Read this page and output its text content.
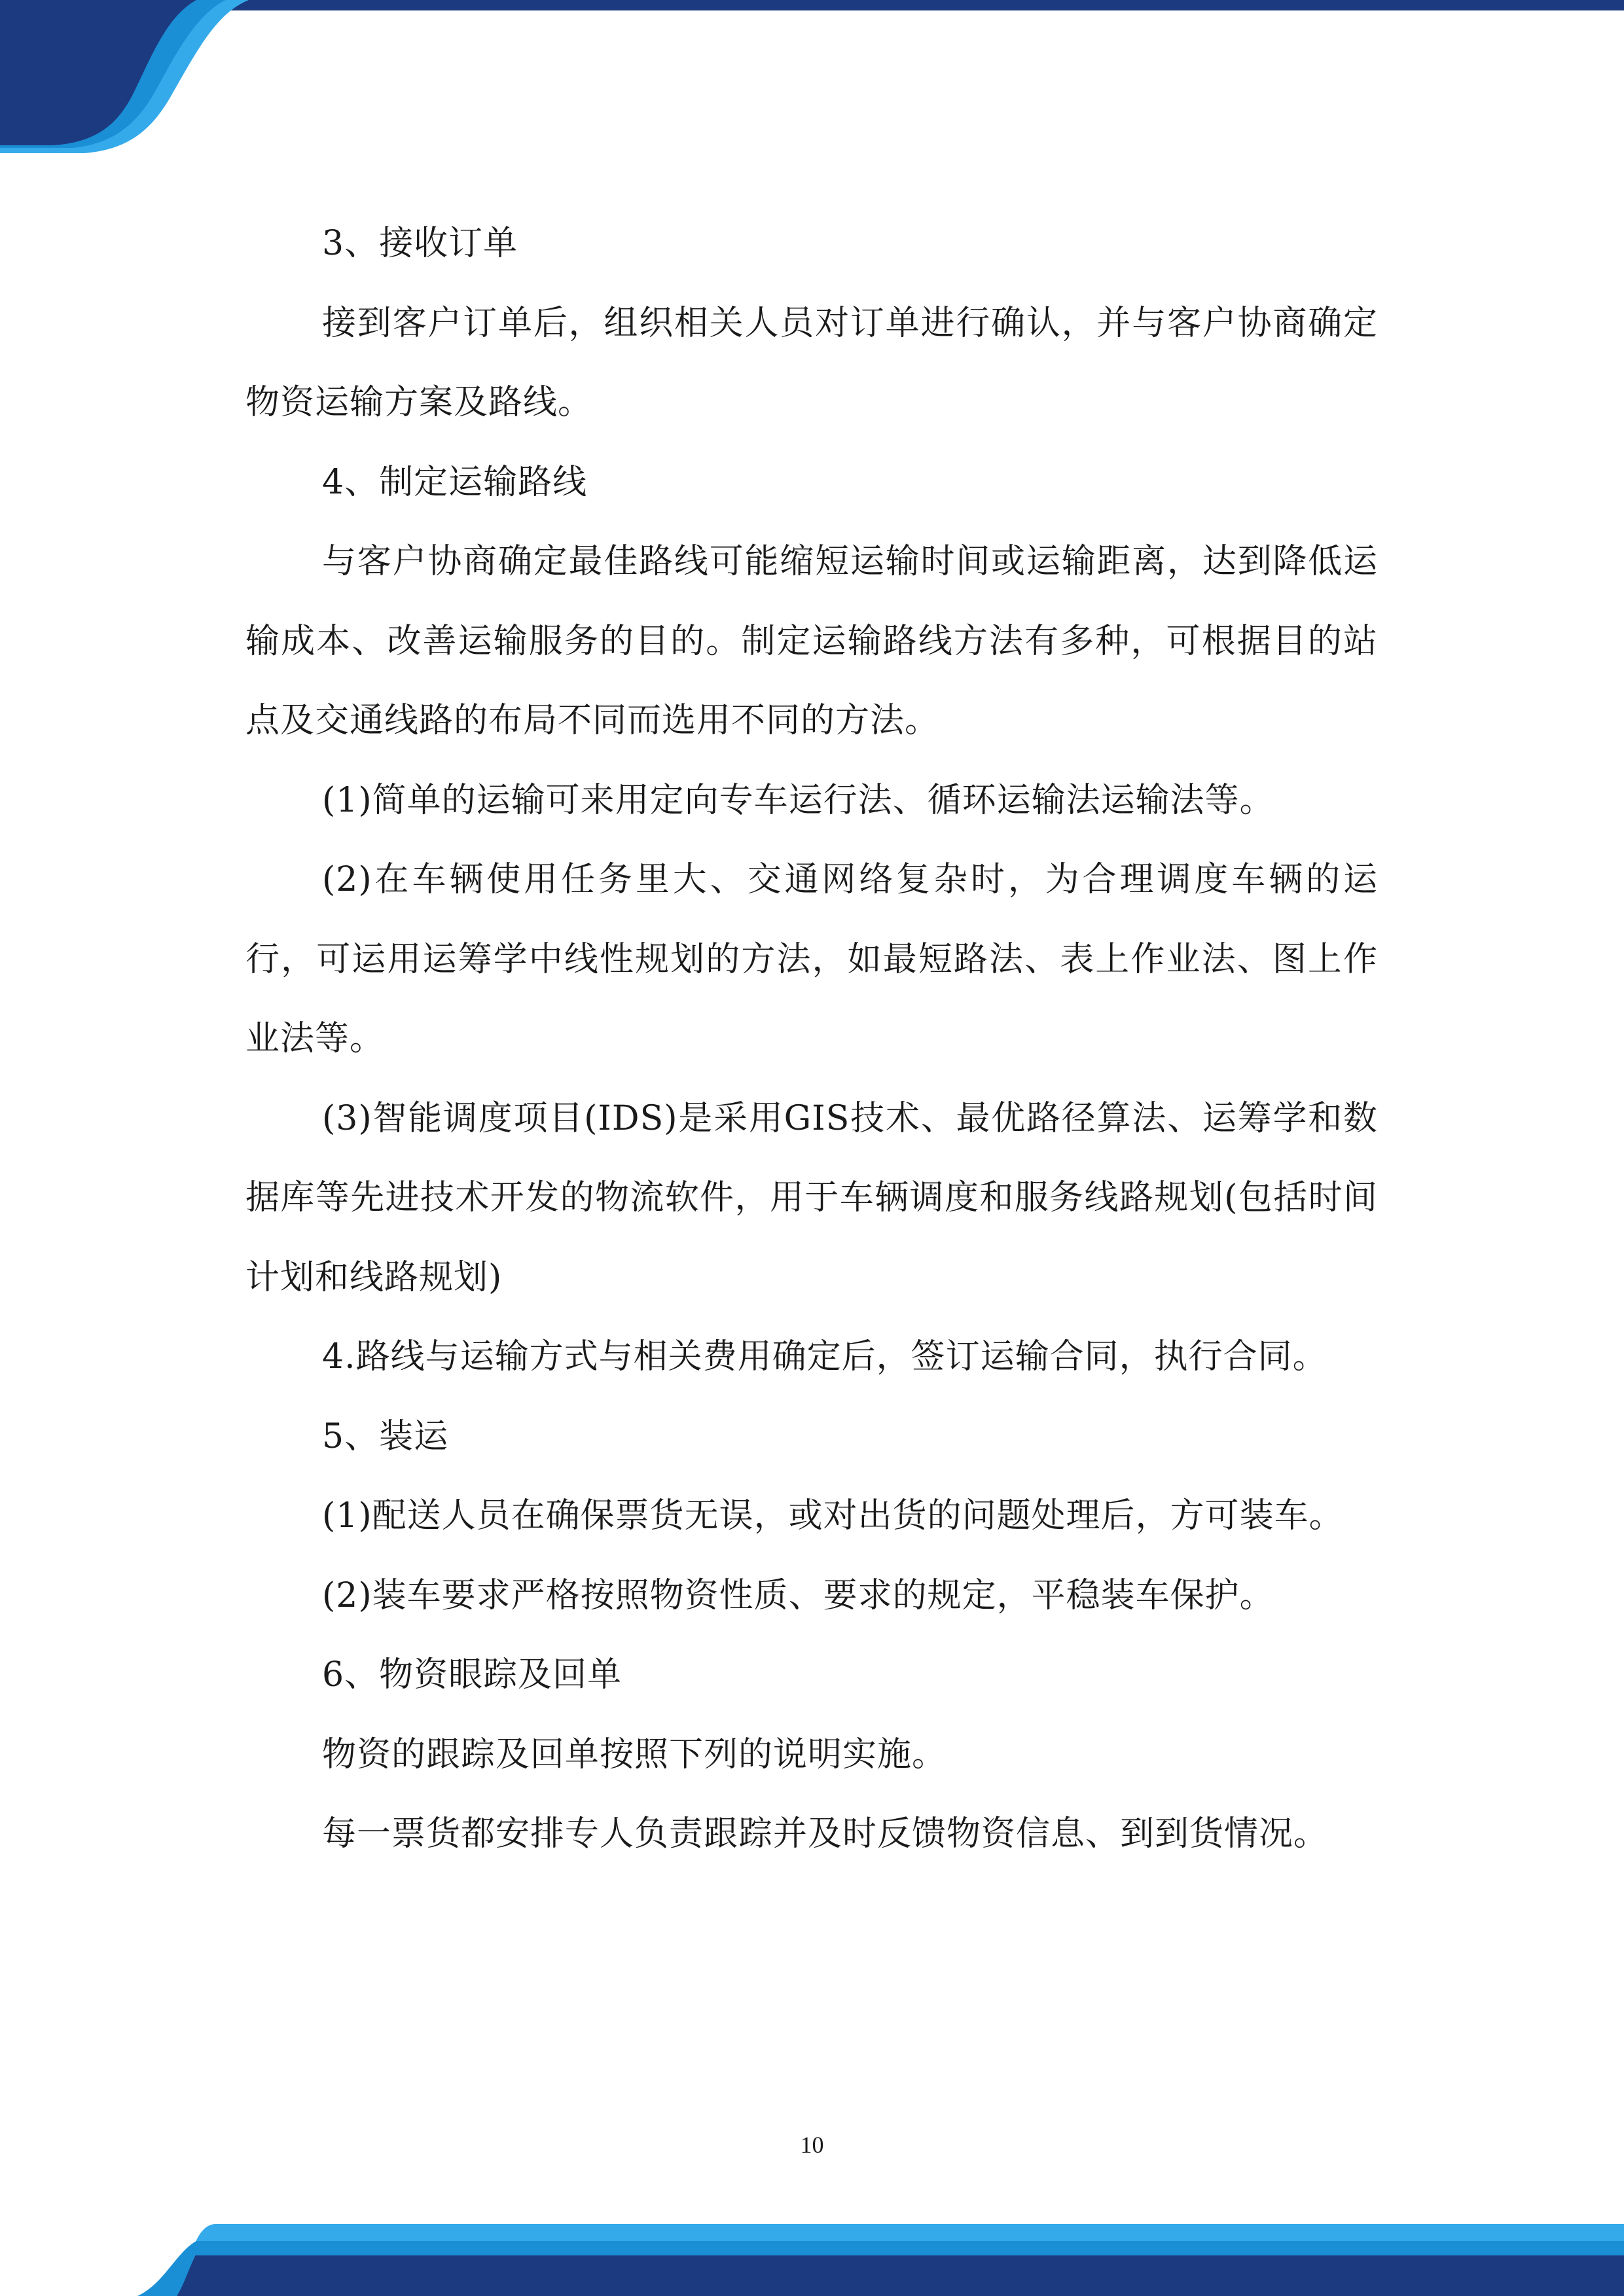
3、接收订单

接到客户订单后，组织相关人员对订单进行确认，并与客户协商确定物资运输方案及路线。

4、制定运输路线

与客户协商确定最佳路线可能缩短运输时间或运输距离，达到降低运输成本、改善运输服务的目的。制定运输路线方法有多种，可根据目的站点及交通线路的布局不同而选用不同的方法。

(1)简单的运输可来用定向专车运行法、循环运输法运输法等。

(2)在车辆使用任务里大、交通网络复杂时，为合理调度车辆的运行，可运用运筹学中线性规划的方法，如最短路法、表上作业法、图上作业法等。

(3)智能调度项目(IDS)是采用GIS技术、最优路径算法、运筹学和数据库等先进技术开发的物流软件，用于车辆调度和服务线路规划(包括时间计划和线路规划)

4.路线与运输方式与相关费用确定后，签订运输合同，执行合同。

5、装运

(1)配送人员在确保票货无误，或对出货的问题处理后，方可装车。

(2)装车要求严格按照物资性质、要求的规定，平稳装车保护。

6、物资眼踪及回单

物资的跟踪及回单按照下列的说明实施。

每一票货都安排专人负责跟踪并及时反馈物资信息、到到货情况。

10
